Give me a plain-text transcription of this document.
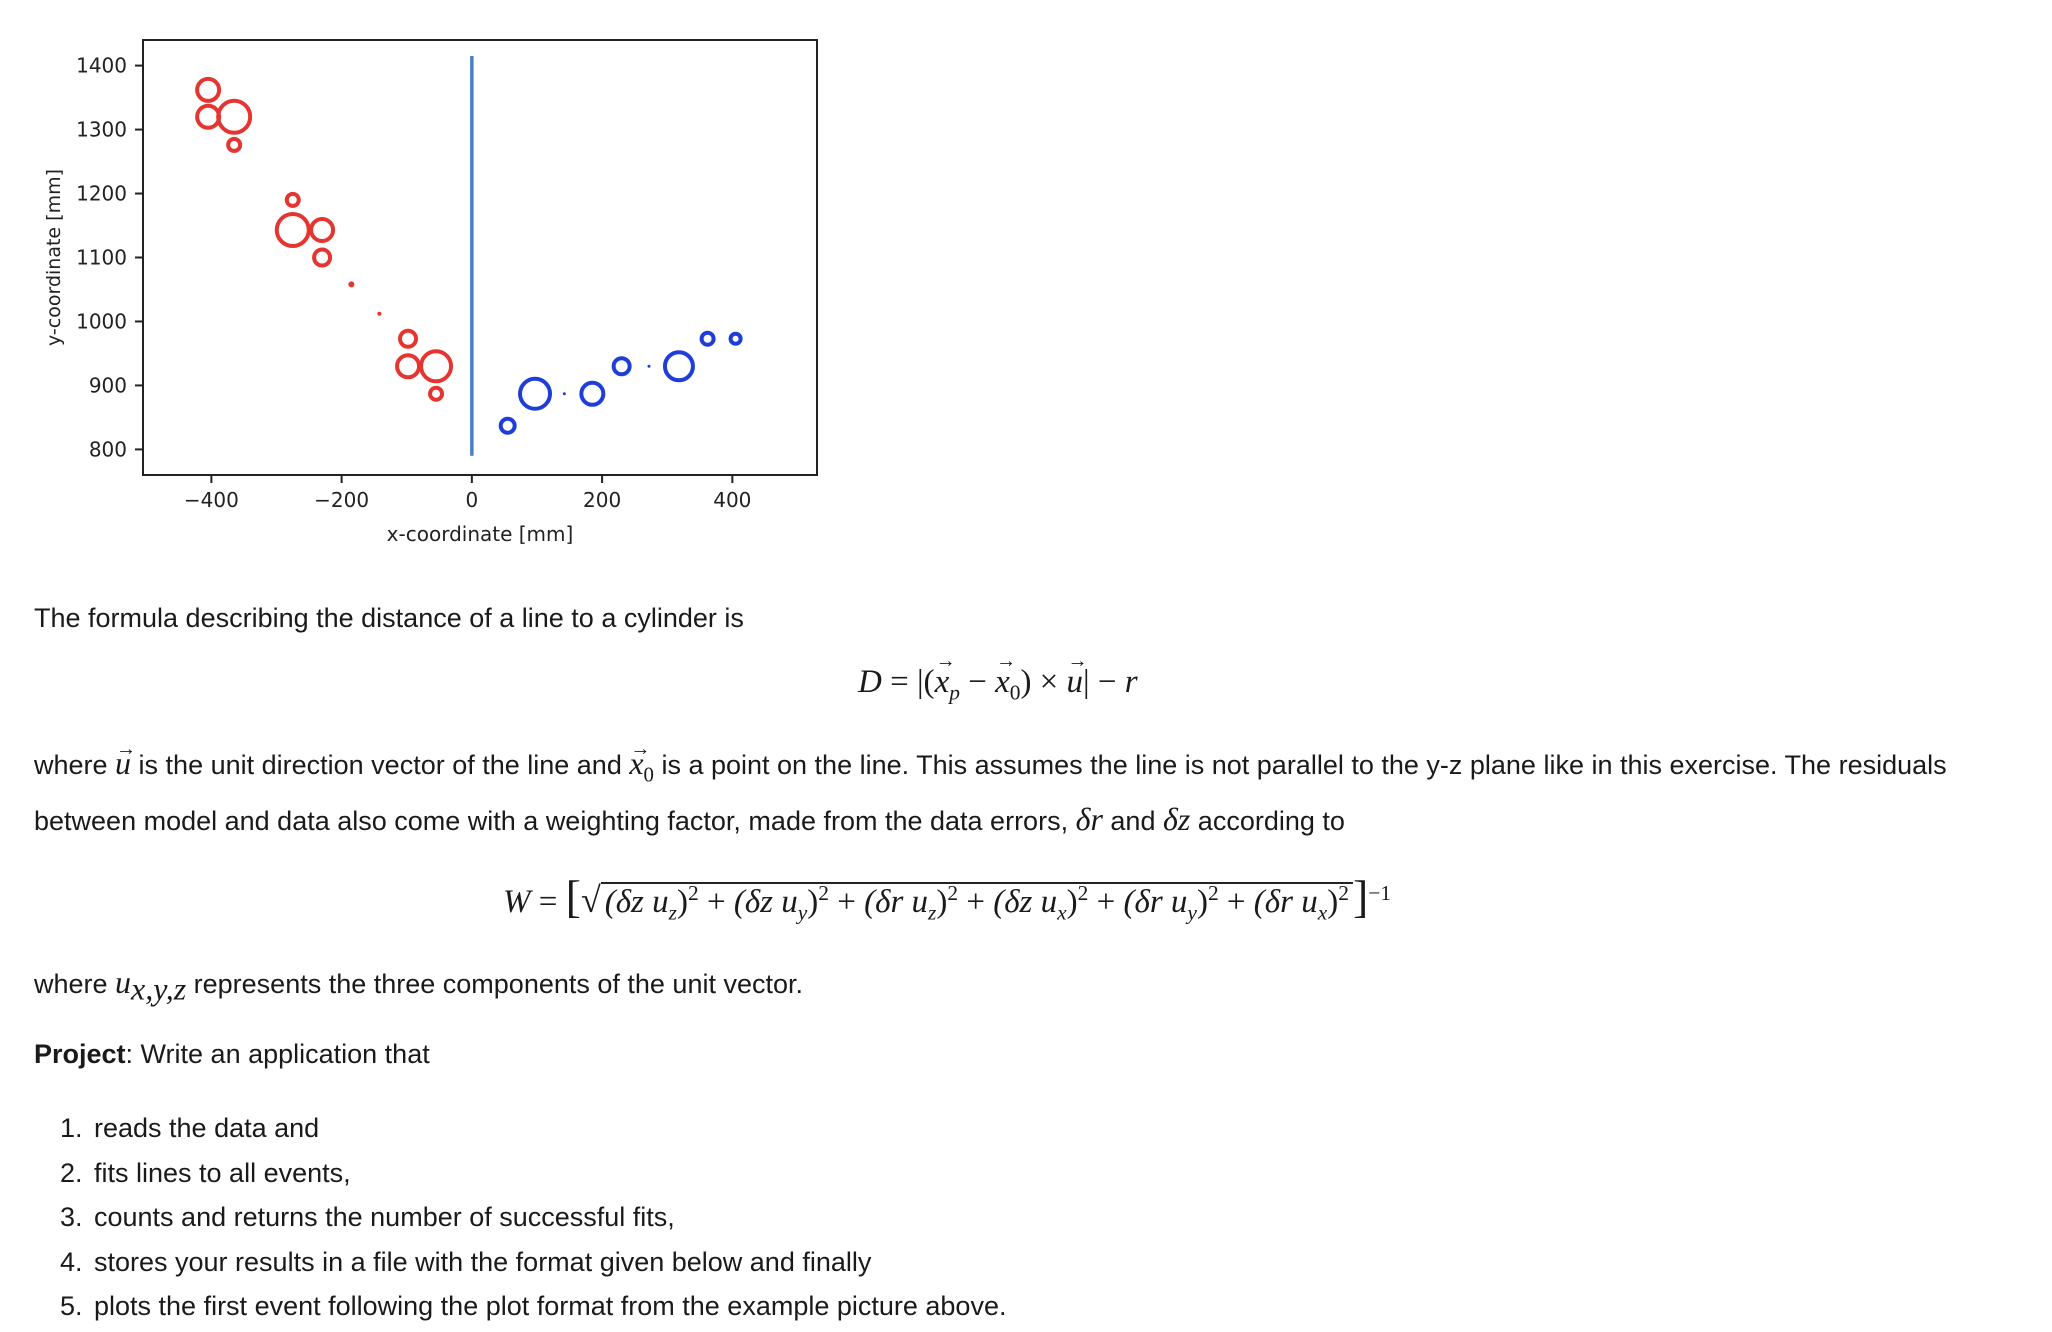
−400	−200	0	200	400
800
900
1000
1100
1200
1300
1400
x-coordinate [mm]
y-coordinate [mm]

The formula describing the distance of a line to a cylinder is

D = |(→ $x_p$ − → $x_0$) × → u| − r

where → u is the unit direction vector of the line and → $x_0$ is a point on the line. This assumes the line is not parallel to the y-z plane like in this exercise. The residuals between model and data also come with a weighting factor, made from the data errors, δr and δz according to

W = [√ (δz $u_z)^2 + (\delta z$ $u_y)^2 + (\delta r$ $u_z)^2 + (\delta z$ $u_x)^2 + (\delta r$ $u_y)^2 + (\delta r$ $u_x)^2]^{-1}$

where $u_{x,y,z}$ represents the three components of the unit vector.

Project: Write an application that

1. reads the data and
2. fits lines to all events,
3. counts and returns the number of successful fits,
4. stores your results in a file with the format given below and finally
5. plots the first event following the plot format from the example picture above.
